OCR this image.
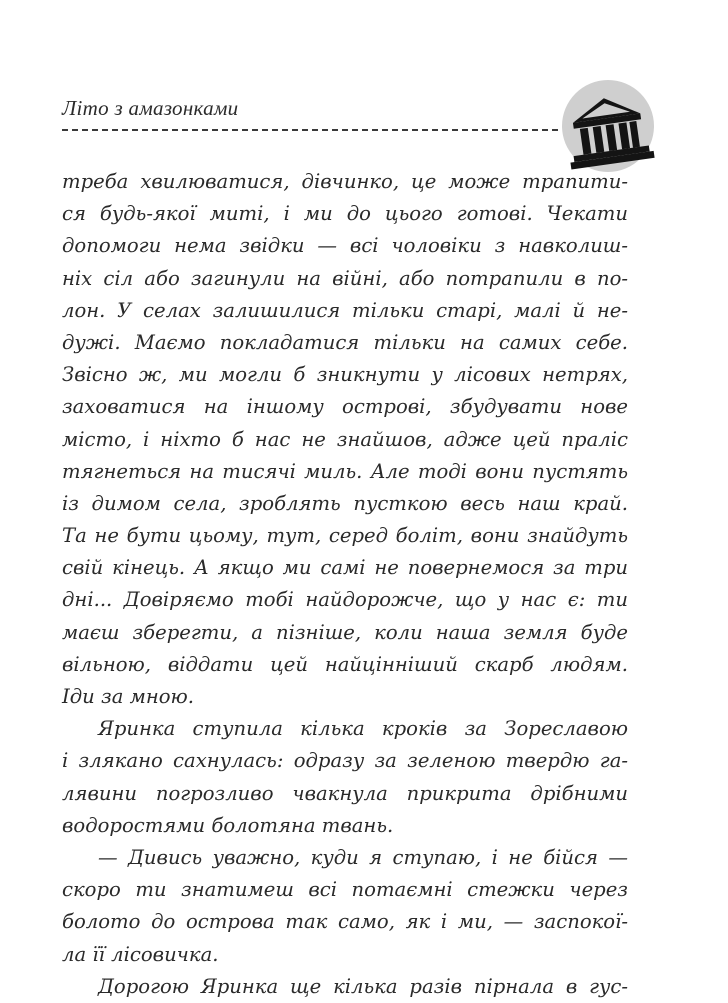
Літо з амазонками
треба хвилюватися, дівчинко, це може трапити-
ся будь-якої миті, і ми до цього готові. Чекати
допомоги нема звідки — всі чоловіки з навколиш-
ніх сіл або загинули на війні, або потрапили в по-
лон. У селах залишилися тільки старі, малі й не-
дужі. Маємо покладатися тільки на самих себе.
Звісно ж, ми могли б зникнути у лісових нетрях,
заховатися на іншому острові, збудувати нове
місто, і ніхто б нас не знайшов, адже цей праліс
тягнеться на тисячі миль. Але тоді вони пустять
із димом села, зроблять пусткою весь наш край.
Та не бути цьому, тут, серед боліт, вони знайдуть
свій кінець. А якщо ми самі не повернемося за три
дні... Довіряємо тобі найдорожче, що у нас є: ти
маєш зберегти, а пізніше, коли наша земля буде
вільною, віддати цей найцінніший скарб людям.
Іди за мною.
Яринка ступила кілька кроків за Зореславою
і злякано сахнулась: одразу за зеленою твердю га-
лявини погрозливо чвакнула прикрита дрібними
водоростями болотяна твань.
— Дивись уважно, куди я ступаю, і не бійся —
скоро ти знатимеш всі потаємні стежки через
болото до острова так само, як і ми, — заспокої-
ла її лісовичка.
Дорогою Яринка ще кілька разів пірнала в гус-
